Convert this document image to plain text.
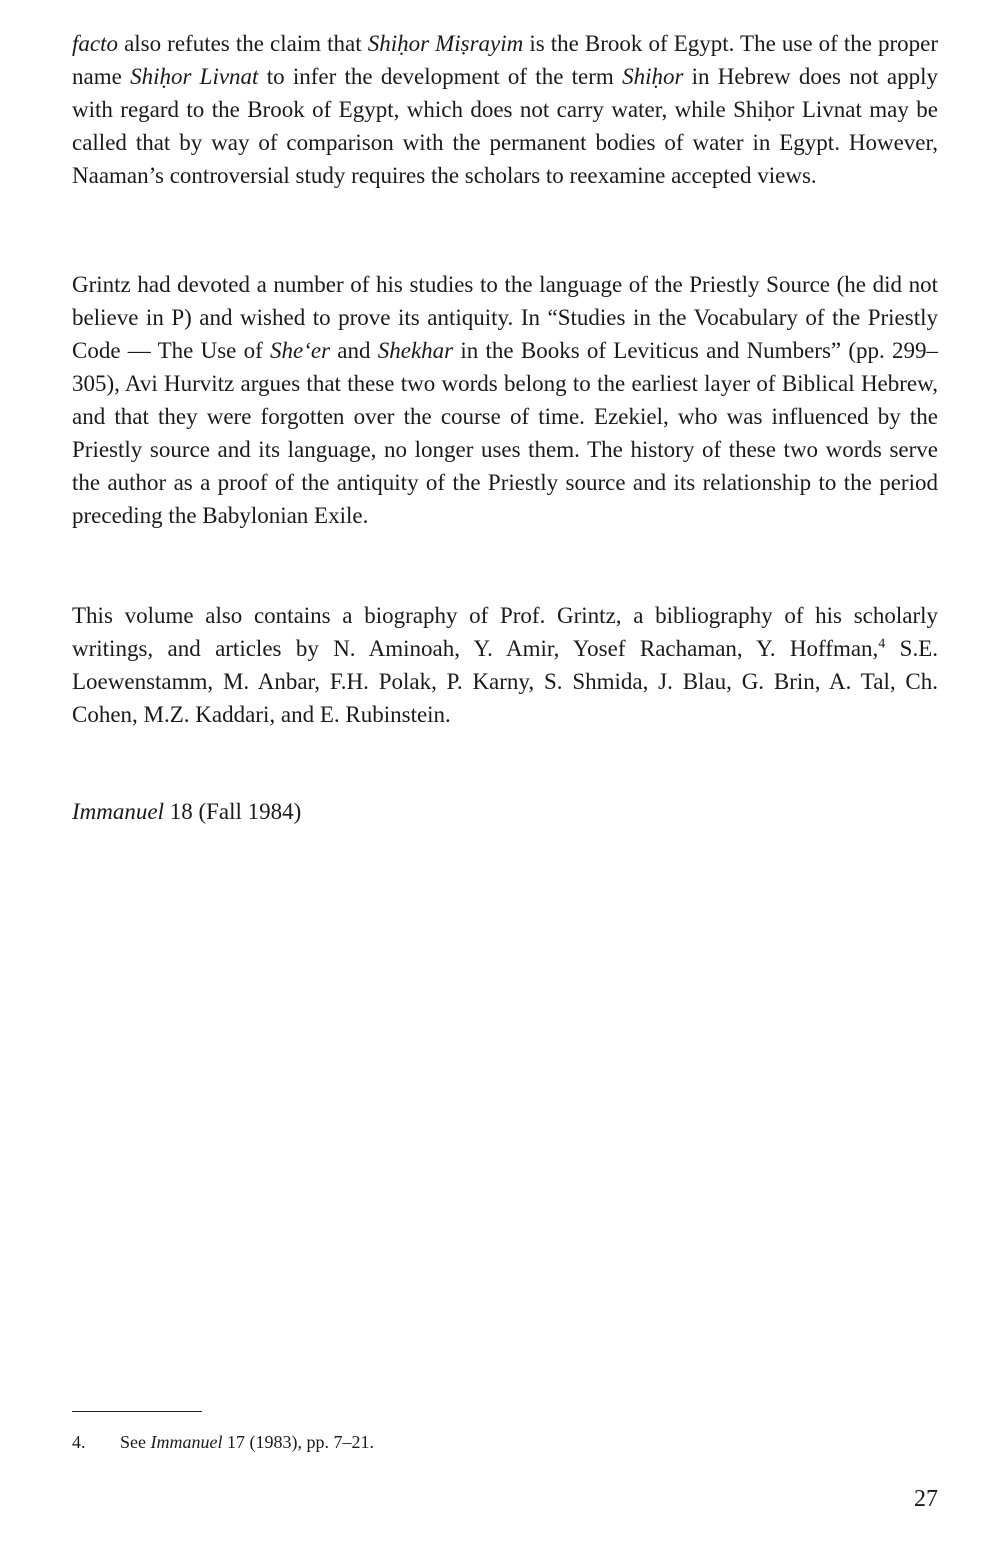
facto also refutes the claim that Shiḥor Miṣrayim is the Brook of Egypt. The use of the proper name Shiḥor Livnat to infer the development of the term Shiḥor in Hebrew does not apply with regard to the Brook of Egypt, which does not carry water, while Shiḥor Livnat may be called that by way of comparison with the permanent bodies of water in Egypt. However, Naaman’s controversial study requires the scholars to reexamine accepted views.

Grintz had devoted a number of his studies to the language of the Priestly Source (he did not believe in P) and wished to prove its antiquity. In “Studies in the Vocabulary of the Priestly Code — The Use of She‘er and Shekhar in the Books of Leviticus and Numbers” (pp. 299–305), Avi Hurvitz argues that these two words belong to the earliest layer of Biblical Hebrew, and that they were forgotten over the course of time. Ezekiel, who was influenced by the Priestly source and its language, no longer uses them. The history of these two words serve the author as a proof of the antiquity of the Priestly source and its relationship to the period preceding the Babylonian Exile.

This volume also contains a biography of Prof. Grintz, a bibliography of his scholarly writings, and articles by N. Aminoah, Y. Amir, Yosef Rachaman, Y. Hoffman,$^4$ S.E. Loewenstamm, M. Anbar, F.H. Polak, P. Karny, S. Shmida, J. Blau, G. Brin, A. Tal, Ch. Cohen, M.Z. Kaddari, and E. Rubinstein.

Immanuel 18 (Fall 1984)

4. See Immanuel 17 (1983), pp. 7–21.

27
